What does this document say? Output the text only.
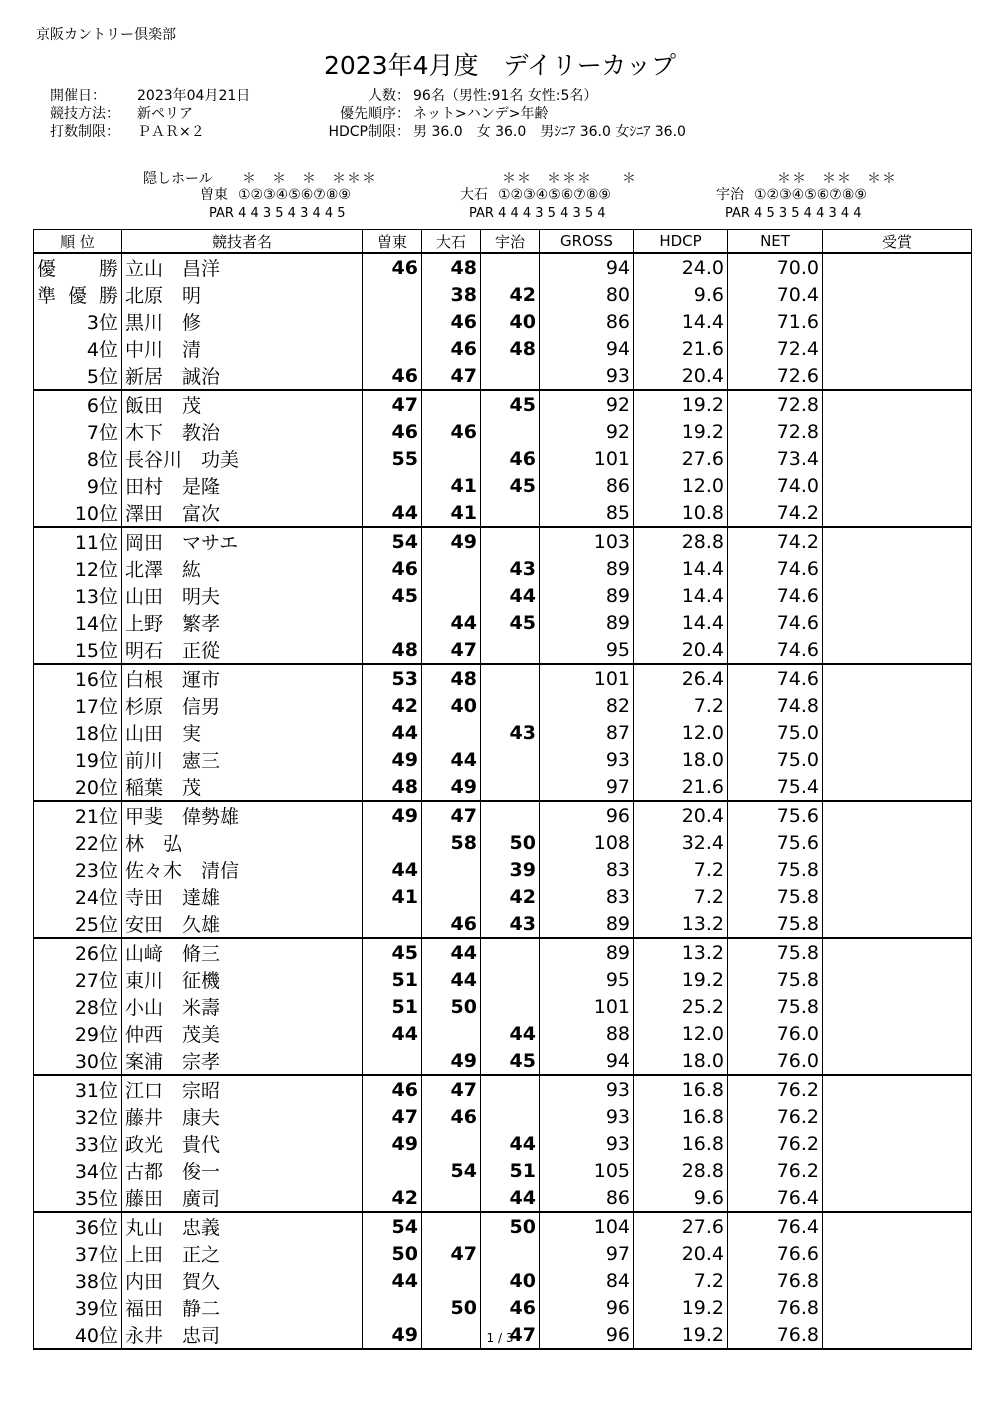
京阪カントリー倶楽部
2023年4月度　デイリーカップ
開催日： 2023年04月21日
競技方法： 新ペリア
打数制限： ＰＡＲ×２
人数： 96名（男性:91名 女性:5名）
優先順序： ネット>ハンデ>年齢
HDCP制限： 男 36.0　女 36.0　男ｼﾆｱ 36.0 女ｼﾆｱ 36.0
隠しホール ＊　＊　＊　＊＊＊
曽東 ①②③④⑤⑥⑦⑧⑨
PAR 4 4 3 5 4 3 4 4 5
＊＊　＊＊＊　　＊
大石 ①②③④⑤⑥⑦⑧⑨
PAR 4 4 4 3 5 4 3 5 4
＊＊　＊＊　＊＊
宇治 ①②③④⑤⑥⑦⑧⑨
PAR 4 5 3 5 4 4 3 4 4
順 位	競技者名	曽東	大石	宇治	GROSS	HDCP	NET	受賞
優勝	立山　昌洋	46	48		94	24.0	70.0	
準優勝	北原　明		38	42	80	9.6	70.4	
3位	黒川　修		46	40	86	14.4	71.6	
4位	中川　清		46	48	94	21.6	72.4	
5位	新居　誠治	46	47		93	20.4	72.6	
6位	飯田　茂	47		45	92	19.2	72.8	
7位	木下　教治	46	46		92	19.2	72.8	
8位	長谷川　功美	55		46	101	27.6	73.4	
9位	田村　是隆		41	45	86	12.0	74.0	
10位	澤田　富次	44	41		85	10.8	74.2	
11位	岡田　マサエ	54	49		103	28.8	74.2	
12位	北澤　紘	46		43	89	14.4	74.6	
13位	山田　明夫	45		44	89	14.4	74.6	
14位	上野　繁孝		44	45	89	14.4	74.6	
15位	明石　正從	48	47		95	20.4	74.6	
16位	白根　運市	53	48		101	26.4	74.6	
17位	杉原　信男	42	40		82	7.2	74.8	
18位	山田　実	44		43	87	12.0	75.0	
19位	前川　憲三	49	44		93	18.0	75.0	
20位	稲葉　茂	48	49		97	21.6	75.4	
21位	甲斐　偉勢雄	49	47		96	20.4	75.6	
22位	林　弘		58	50	108	32.4	75.6	
23位	佐々木　清信	44		39	83	7.2	75.8	
24位	寺田　達雄	41		42	83	7.2	75.8	
25位	安田　久雄		46	43	89	13.2	75.8	
26位	山﨑　脩三	45	44		89	13.2	75.8	
27位	東川　征機	51	44		95	19.2	75.8	
28位	小山　米壽	51	50		101	25.2	75.8	
29位	仲西　茂美	44		44	88	12.0	76.0	
30位	案浦　宗孝		49	45	94	18.0	76.0	
31位	江口　宗昭	46	47		93	16.8	76.2	
32位	藤井　康夫	47	46		93	16.8	76.2	
33位	政光　貴代	49		44	93	16.8	76.2	
34位	古都　俊一		54	51	105	28.8	76.2	
35位	藤田　廣司	42		44	86	9.6	76.4	
36位	丸山　忠義	54		50	104	27.6	76.4	
37位	上田　正之	50	47		97	20.4	76.6	
38位	内田　賀久	44		40	84	7.2	76.8	
39位	福田　静二		50	46	96	19.2	76.8	
40位	永井　忠司	49		47	96	19.2	76.8	
1 / 3
